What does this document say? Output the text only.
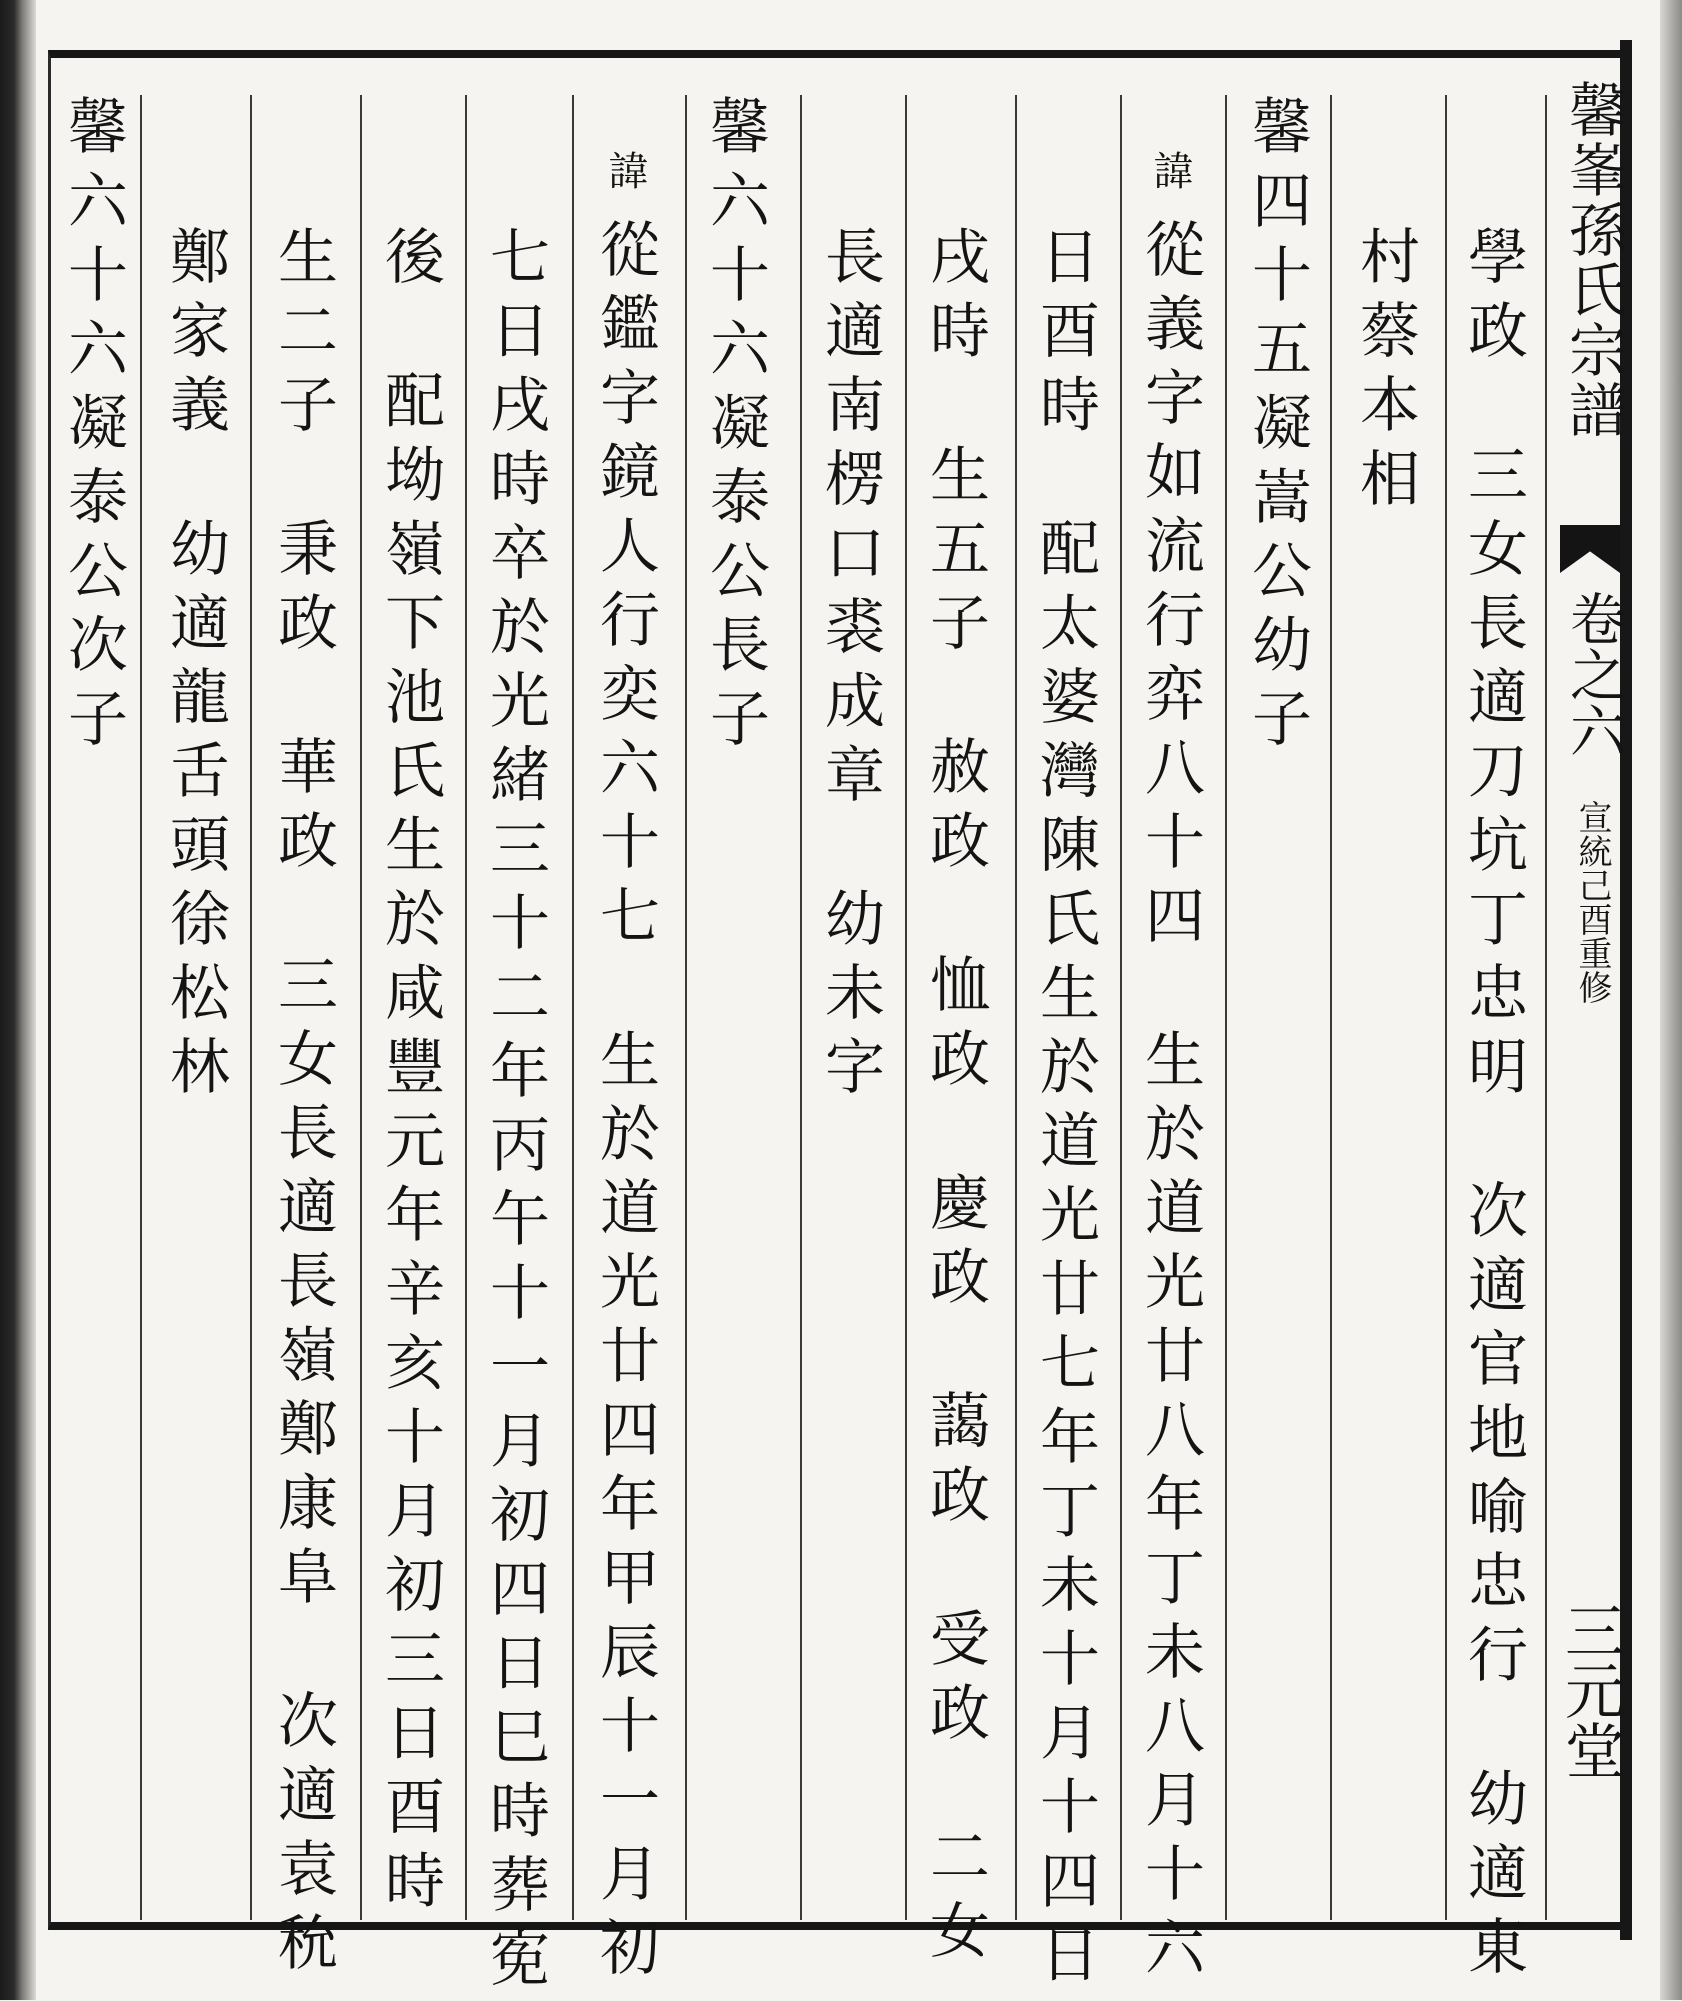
馨峯孫氏宗譜
卷之六
宣統己酉重修
三元堂
學政三女長適刀坑丁忠明次適官地喻忠行幼適東
村蔡本相
馨四十五凝嵩公幼子
諱從義字如流行弈八十四生於道光廿八年丁未八月十六
日酉時配太婆灣陳氏生於道光廿七年丁未十月十四日
戌時生五子赦政恤政慶政藹政受政二女
長適南楞口裘成章幼未字
馨六十六凝泰公長子
諱從鑑字鏡人行奕六十七生於道光廿四年甲辰十一月初
七日戌時卒於光緒三十二年丙午十一月初四日巳時葬𡨚
後配坳嶺下池氏生於咸豐元年辛亥十月初三日酉時
生二子秉政華政三女長適長嶺鄭康阜次適袁𥝲
鄭家義幼適龍舌頭徐松林
馨六十六凝泰公次子
